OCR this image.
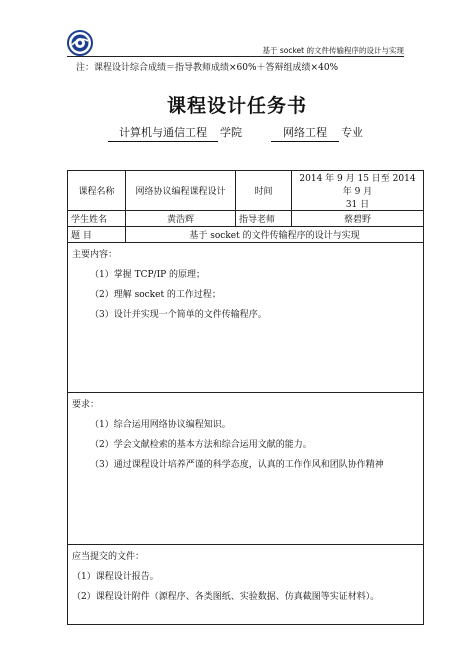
基于 socket 的文件传输程序的设计与实现
注：课程设计综合成绩＝指导教师成绩×60%＋答辩组成绩×40%
课程设计任务书
计算机与通信工程	学院	网络工程	专业
课程名称	网络协议编程课程设计	时间	2014 年 9 月 15 日至 2014 年 9 月
31 日

学生姓名	黄浩辉	指导老师	蔡碧野
题 目	基于 socket 的文件传输程序的设计与实现		

主要内容：
（1）掌握 TCP/IP 的原理；
（2）理解 socket 的工作过程；
（3）设计并实现一个简单的文件传输程序。			

要求：
（1）综合运用网络协议编程知识。
（2）学会文献检索的基本方法和综合运用文献的能力。
（3）通过课程设计培养严谨的科学态度，认真的工作作风和团队协作精神			

应当提交的文件：
（1）课程设计报告。
（2）课程设计附件（源程序、各类图纸、实验数据、仿真截图等实证材料）。			
